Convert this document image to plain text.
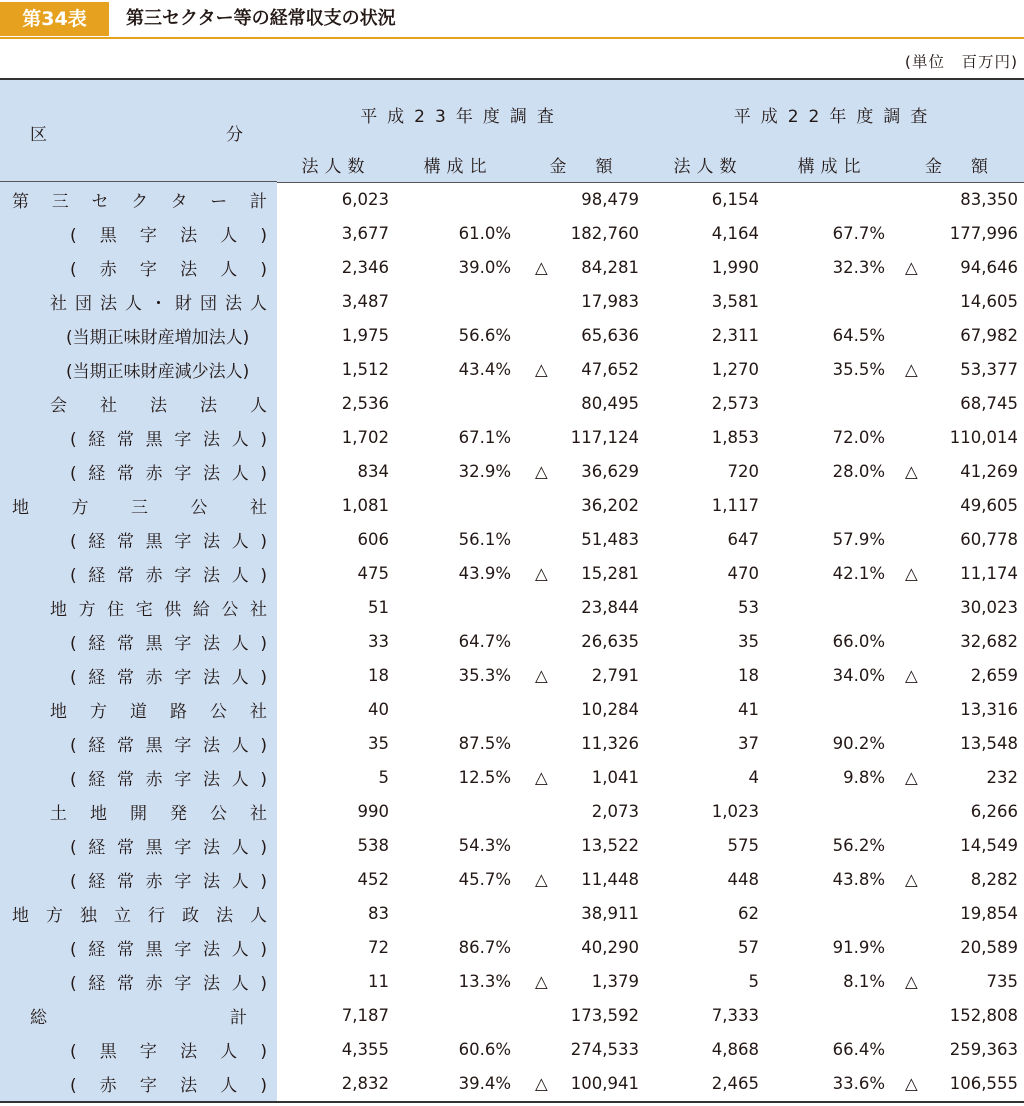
第34表	第三セクター等の経常収支の状況
(単位　百万円)
区 分	平成23年度調査			平成22年度調査		
	法人数	構成比	金　額	法人数	構成比	金　額
第三セクター計	6,023		98,479	6,154		83,350

(黒字法人)	3,677	61.0%	182,760	4,164	67.7%	177,996

(赤字法人)	2,346	39.0%	△ 84,281	1,990	32.3%	△ 94,646

社団法人・財団法人	3,487		17,983	3,581		14,605

(当期正味財産増加法人)	1,975	56.6%	65,636	2,311	64.5%	67,982

(当期正味財産減少法人)	1,512	43.4%	△ 47,652	1,270	35.5%	△ 53,377

会社法法人	2,536		80,495	2,573		68,745

(経常黒字法人)	1,702	67.1%	117,124	1,853	72.0%	110,014

(経常赤字法人)	834	32.9%	△ 36,629	720	28.0%	△ 41,269

地方三公社	1,081		36,202	1,117		49,605

(経常黒字法人)	606	56.1%	51,483	647	57.9%	60,778

(経常赤字法人)	475	43.9%	△ 15,281	470	42.1%	△ 11,174

地方住宅供給公社	51		23,844	53		30,023

(経常黒字法人)	33	64.7%	26,635	35	66.0%	32,682

(経常赤字法人)	18	35.3%	△ 2,791	18	34.0%	△ 2,659

地方道路公社	40		10,284	41		13,316

(経常黒字法人)	35	87.5%	11,326	37	90.2%	13,548

(経常赤字法人)	5	12.5%	△ 1,041	4	9.8%	△ 232

土地開発公社	990		2,073	1,023		6,266

(経常黒字法人)	538	54.3%	13,522	575	56.2%	14,549

(経常赤字法人)	452	45.7%	△ 11,448	448	43.8%	△ 8,282

地方独立行政法人	83		38,911	62		19,854

(経常黒字法人)	72	86.7%	40,290	57	91.9%	20,589

(経常赤字法人)	11	13.3%	△ 1,379	5	8.1%	△ 735

総計	7,187		173,592	7,333		152,808

(黒字法人)	4,355	60.6%	274,533	4,868	66.4%	259,363

(赤字法人)	2,832	39.4%	△ 100,941	2,465	33.6%	△ 106,555
